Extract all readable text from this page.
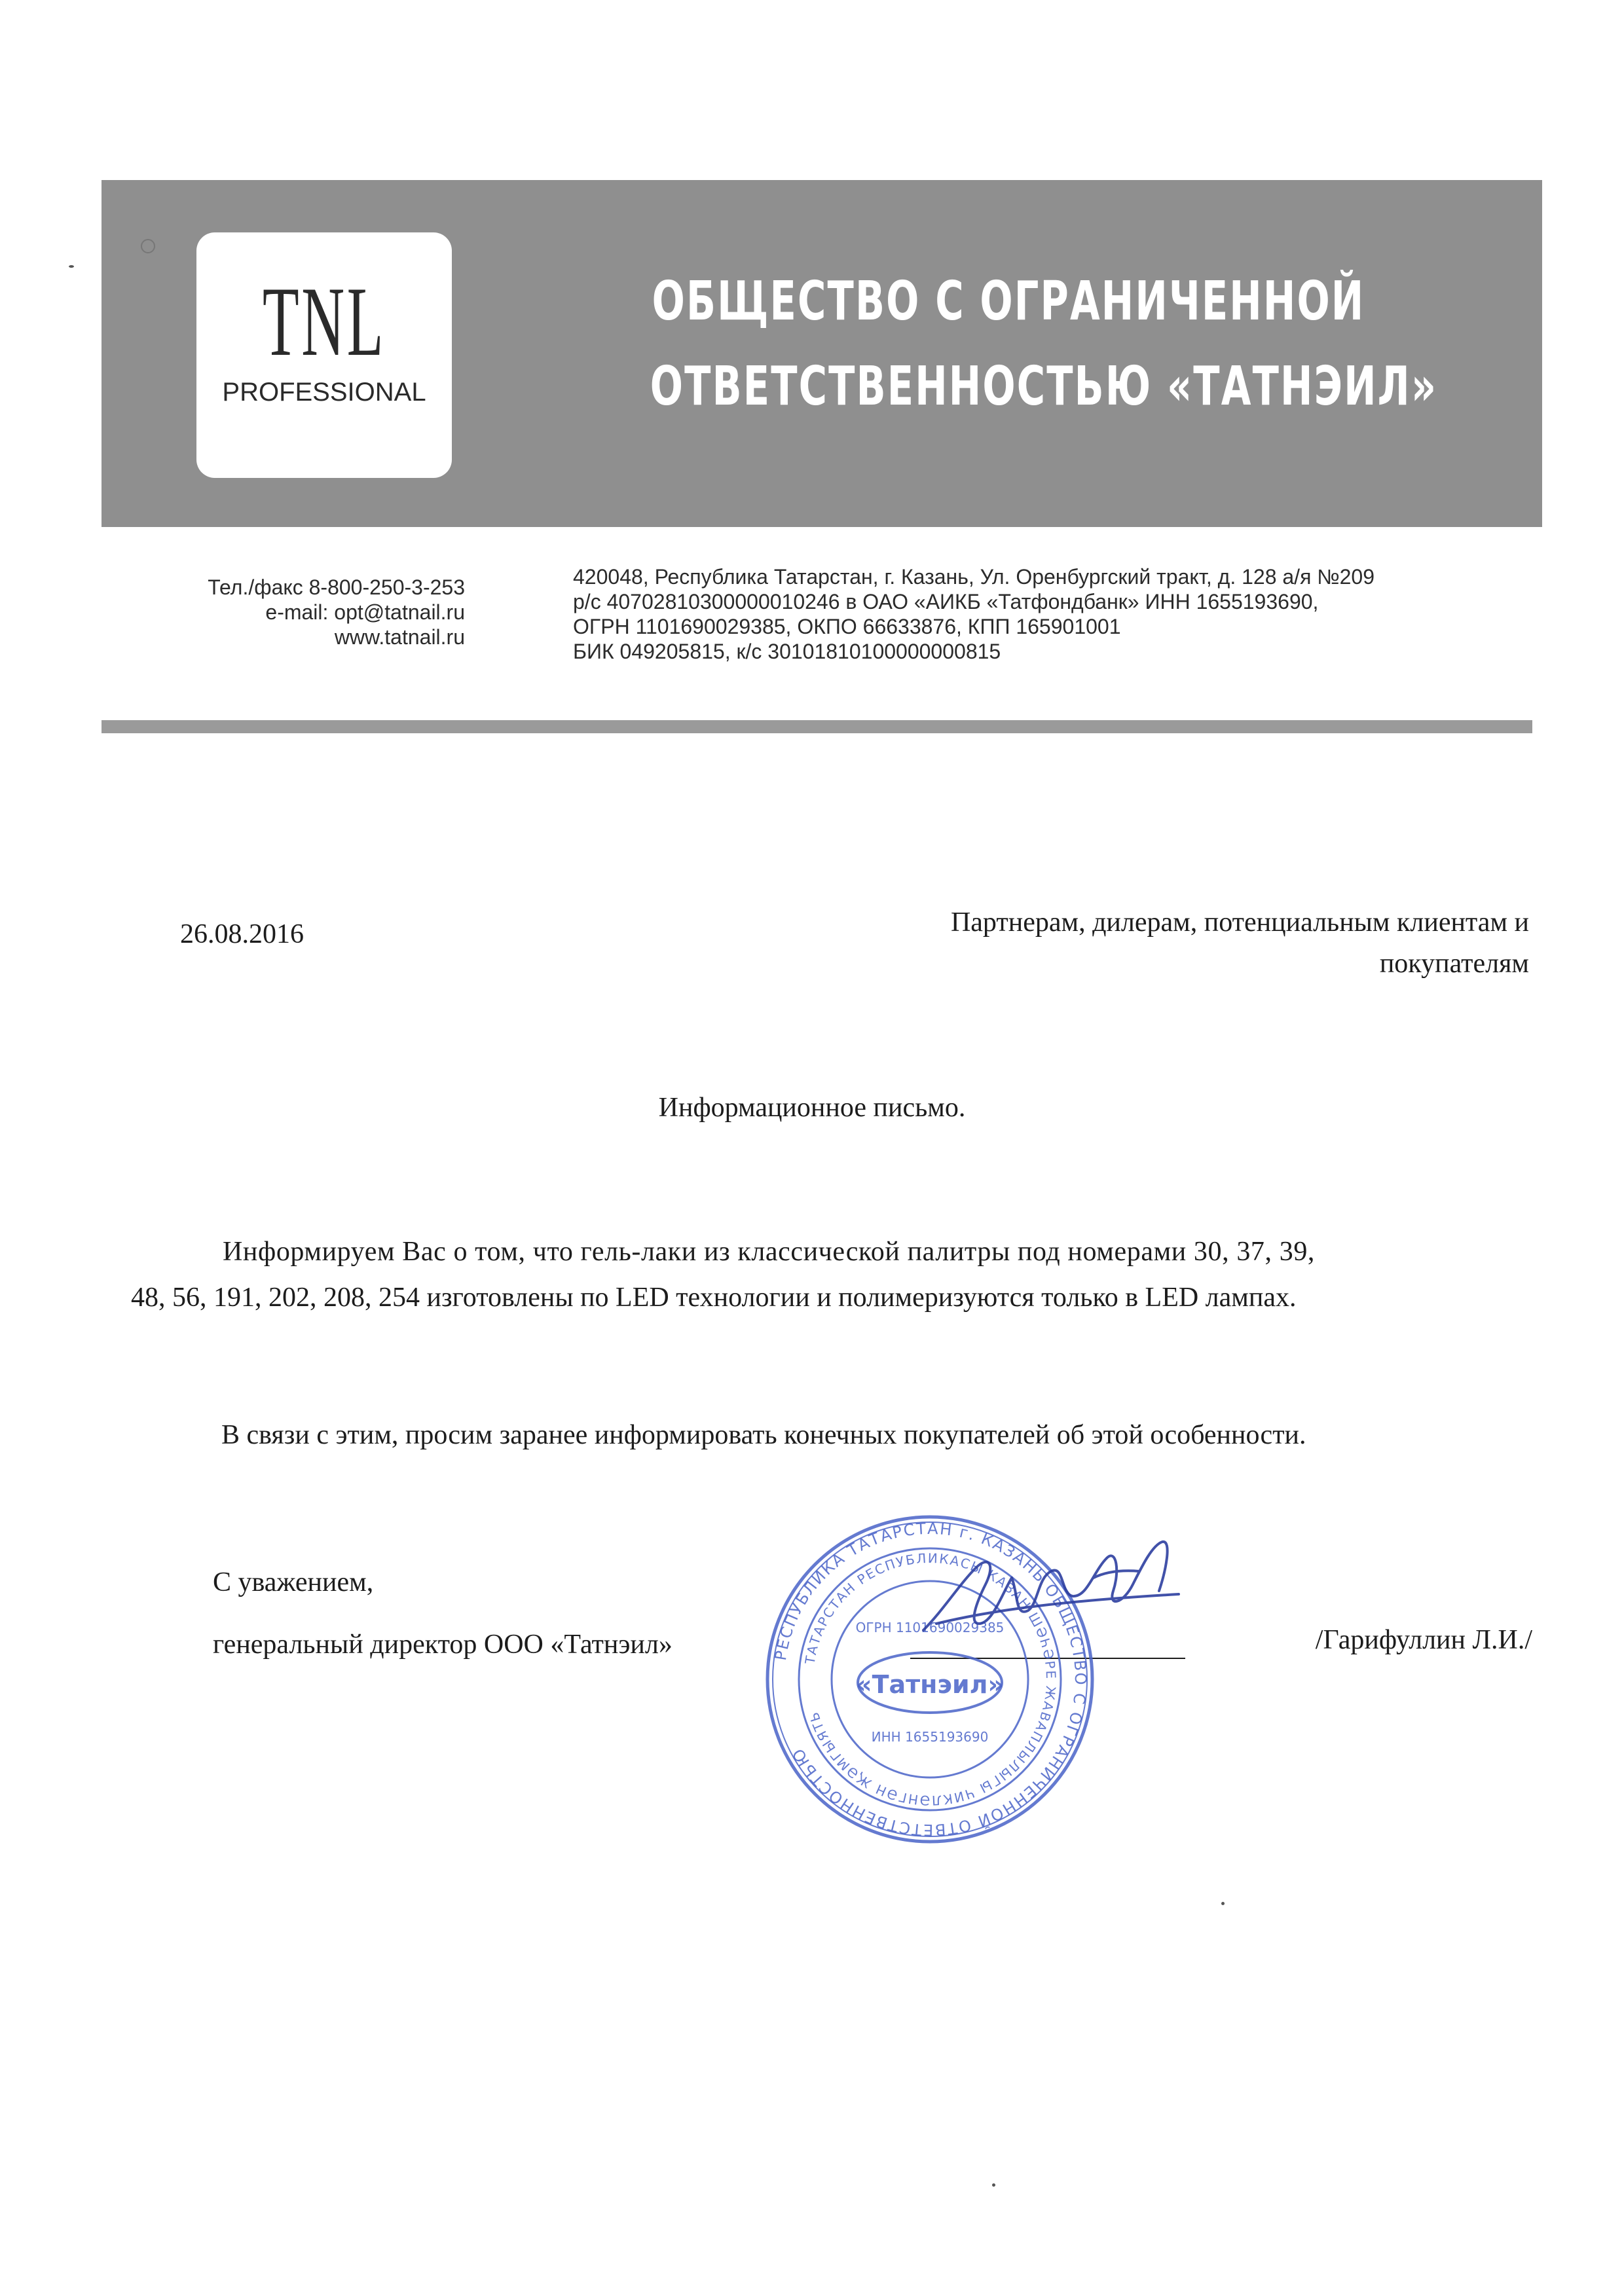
TNL
PROFESSIONAL
ОБЩЕСТВО С ОГРАНИЧЕННОЙ
ОТВЕТСТВЕННОСТЬЮ «ТАТНЭИЛ»
Тел./факс 8-800-250-3-253
e-mail: opt@tatnail.ru
www.tatnail.ru
420048, Республика Татарстан, г. Казань, Ул. Оренбургский тракт, д. 128 а/я №209
р/с 40702810300000010246 в ОАО «АИКБ «Татфондбанк» ИНН 1655193690,
ОГРН 1101690029385, ОКПО 66633876, КПП 165901001
БИК 049205815, к/с 30101810100000000815
26.08.2016	Партнерам, дилерам, потенциальным клиентам и
покупателям
Информационное письмо.
Информируем Вас о том, что гель-лаки из классической палитры под номерами 30, 37, 39,
48, 56, 191, 202, 208, 254 изготовлены по LED технологии и полимеризуются только в LED лампах.
В связи с этим, просим заранее информировать конечных покупателей об этой особенности.
С уважением,
генеральный директор ООО «Татнэил»	/Гарифуллин Л.И./
РЕСПУБЛИКА ТАТАРСТАН г. КАЗАНЬ ОБЩЕСТВО С ОГРАНИЧЕННОЙ ОТВЕТСТВЕННОСТЬЮ
ТАТАРСТАН РЕСПУБЛИКАСЫ КАЗАН ШӘҺӘРЕ ЖАВАПЛЫЛЫГЫ ЧИКЛӘНГӘН ҖӘМГЫЯТЬ
ОГРН 1101690029385
«Татнэил»
ИНН 1655193690
